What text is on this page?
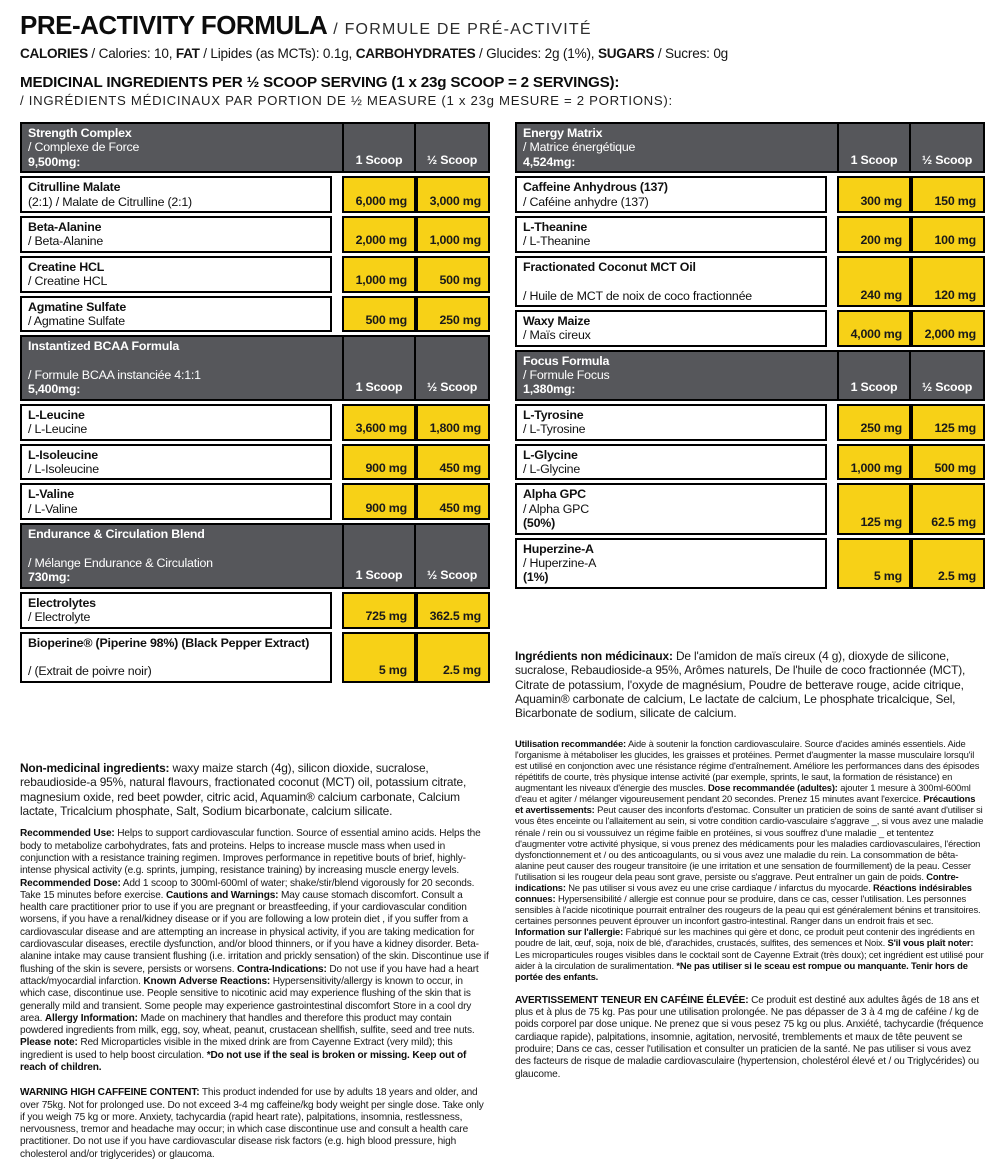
PRE-ACTIVITY FORMULA / FORMULE DE PRÉ-ACTIVITÉ
CALORIES / Calories: 10, FAT / Lipides (as MCTs): 0.1g, CARBOHYDRATES / Glucides: 2g (1%), SUGARS / Sucres: 0g
MEDICINAL INGREDIENTS PER ½ SCOOP SERVING (1 x 23g SCOOP = 2 SERVINGS):
/ INGRÉDIENTS MÉDICINAUX PAR PORTION DE ½ MEASURE (1 x 23g MESURE = 2 PORTIONS):
Strength Complex
/ Complexe de Force
9,500mg:	1 Scoop	½ Scoop
Citrulline Malate
(2:1) / Malate de Citrulline (2:1)	6,000 mg	3,000 mg
Beta-Alanine
/ Beta-Alanine	2,000 mg	1,000 mg
Creatine HCL
/ Creatine HCL	1,000 mg	500 mg
Agmatine Sulfate
/ Agmatine Sulfate	500 mg	250 mg
Instantized BCAA Formula

/ Formule BCAA instanciée 4:1:1
5,400mg:	1 Scoop	½ Scoop
L-Leucine
/ L-Leucine	3,600 mg	1,800 mg
L-Isoleucine
/ L-Isoleucine	900 mg	450 mg
L-Valine
/ L-Valine	900 mg	450 mg
Endurance & Circulation Blend

/ Mélange Endurance & Circulation
730mg:	1 Scoop	½ Scoop
Electrolytes
/ Electrolyte	725 mg	362.5 mg
Bioperine® (Piperine 98%) (Black Pepper Extract)

/ (Extrait de poivre noir)	5 mg	2.5 mg

Non-medicinal ingredients: waxy maize starch (4g), silicon dioxide, sucralose, rebaudioside-a 95%, natural flavours, fractionated coconut (MCT) oil, potassium citrate, magnesium oxide, red beet powder, citric acid, Aquamin® calcium carbonate, Calcium lactate, Tricalcium phosphate, Salt, Sodium bicarbonate, calcium silicate.

Recommended Use: Helps to support cardiovascular function. Source of essential amino acids. Helps the body to metabolize carbohydrates, fats and proteins. Helps to increase muscle mass when used in conjunction with a resistance training regimen. Improves performance in repetitive bouts of brief, highly-intense physical activity (e.g. sprints, jumping, resistance training) by increasing muscle energy levels. Recommended Dose: Add 1 scoop to 300ml-600ml of water; shake/stir/blend vigorously for 20 seconds. Take 15 minutes before exercise. Cautions and Warnings: May cause stomach discomfort. Consult a health care practitioner prior to use if you are pregnant or breastfeeding, if your cardiovascular condition worsens, if you have a renal/kidney disease or if you are following a low protein diet , if you suffer from a cardiovascular disease and are attempting an increase in physical activity, if you are taking medication for cardiovascular diseases, erectile dysfunction, and/or blood thinners, or if you have a kidney disorder. Beta-alanine intake may cause transient flushing (i.e. irritation and prickly sensation) of the skin. Discontinue use if flushing of the skin is severe, persists or worsens. Contra-Indications: Do not use if you have had a heart attack/myocardial infarction. Known Adverse Reactions: Hypersensitivity/allergy is known to occur, in which case, discontinue use. People sensitive to nicotinic acid may experience flushing of the skin that is generally mild and transient. Some people may experience gastrointestinal discomfort Store in a cool dry area. Allergy Information: Made on machinery that handles and therefore this product may contain powdered ingredients from milk, egg, soy, wheat, peanut, crustacean shellfish, sulfite, seed and tree nuts. Please note: Red Microparticles visible in the mixed drink are from Cayenne Extract (very mild); this ingredient is used to help boost circulation. *Do not use if the seal is broken or missing. Keep out of reach of children.

WARNING HIGH CAFFEINE CONTENT: This product indended for use by adults 18 years and older, and over 75kg. Not for prolonged use. Do not exceed 3-4 mg caffeine/kg body weight per single dose. Take only if you weigh 75 kg or more. Anxiety, tachycardia (rapid heart rate), palpitations, insomnia, restlessness, nervousness, tremor and headache may occur; in which case discontinue use and consult a health care practitioner. Do not use if you have cardiovascular disease risk factors (e.g. high blood pressure, high cholesterol and/or triglycerides) or glaucoma.

Energy Matrix
/ Matrice énergétique
4,524mg:	1 Scoop	½ Scoop
Caffeine Anhydrous (137)
/ Caféine anhydre (137)	300 mg	150 mg
L-Theanine
/ L-Theanine	200 mg	100 mg
Fractionated Coconut MCT Oil

/ Huile de MCT de noix de coco fractionnée	240 mg	120 mg
Waxy Maize
/ Maïs cireux	4,000 mg	2,000 mg
Focus Formula
/ Formule Focus
1,380mg:	1 Scoop	½ Scoop
L-Tyrosine
/ L-Tyrosine	250 mg	125 mg
L-Glycine
/ L-Glycine	1,000 mg	500 mg
Alpha GPC
/ Alpha GPC
(50%)	125 mg	62.5 mg
Huperzine-A
/ Huperzine-A
(1%)	5 mg	2.5 mg

Ingrédients non médicinaux: De l'amidon de maïs cireux (4 g), dioxyde de silicone, sucralose, Rebaudioside-a 95%, Arômes naturels, De l'huile de coco fractionnée (MCT), Citrate de potassium, l'oxyde de magnésium, Poudre de betterave rouge, acide citrique, Aquamin® carbonate de calcium, Le lactate de calcium, Le phosphate tricalcique, Sel, Bicarbonate de sodium, silicate de calcium.

Utilisation recommandée: Aide à soutenir la fonction cardiovasculaire. Source d'acides aminés essentiels. Aide l'organisme à métaboliser les glucides, les graisses et protéines. Permet d'augmenter la masse musculaire lorsqu'il est utilisé en conjonction avec une résistance régime d'entraînement. Améliore les performances dans des épisodes répétitifs de courte, très physique intense activité (par exemple, sprints, le saut, la formation de résistance) en augmentant les niveaux d'énergie des muscles. Dose recommandée (adultes): ajouter 1 mesure à 300ml-600ml d'eau et agiter / mélanger vigoureusement pendant 20 secondes. Prenez 15 minutes avant l'exercice. Précautions et avertissements: Peut causer des inconforts d'estomac. Consulter un praticien de soins de santé avant d'utiliser si vous êtes enceinte ou l'allaitement au sein, si votre condition cardio-vasculaire s'aggrave _, si vous avez une maladie rénale / rein ou si voussuivez un régime faible en protéines, si vous souffrez d'une maladie _ et tententez d'augmenter votre activité physique, si vous prenez des médicaments pour les maladies cardiovasculaires, l'érection dysfonctionnement et / ou des anticoagulants, ou si vous avez une maladie du rein. La consommation de bêta-alanine peut causer des rougeur transitoire (ie une irritation et une sensation de fourmillement) de la peau. Cesser l'utilisation si les rougeur dela peau sont grave, persiste ou s'aggrave. Peut entraîner un gain de poids. Contre-indications: Ne pas utiliser si vous avez eu une crise cardiaque / infarctus du myocarde. Réactions indésirables connues: Hypersensibilité / allergie est connue pour se produire, dans ce cas, cesser l'utilisation. Les personnes sensibles à l'acide nicotinique pourrait entraîner des rougeurs de la peau qui est généralement bénins et transitoires. certaines personnes peuvent éprouver un inconfort gastro-intestinal. Ranger dans un endroit frais et sec. Information sur l'allergie: Fabriqué sur les machines qui gère et donc, ce produit peut contenir des ingrédients en poudre de lait, œuf, soja, noix de blé, d'arachides, crustacés, sulfites, des semences et Noix. S'il vous plaît noter: Les microparticules rouges visibles dans le cocktail sont de Cayenne Extrait (très doux); cet ingrédient est utilisé pour aider à la circulation de suralimentation. *Ne pas utiliser si le sceau est rompue ou manquante. Tenir hors de portée des enfants.

AVERTISSEMENT TENEUR EN CAFÉINE ÉLEVÉE: Ce produit est destiné aux adultes âgés de 18 ans et plus et à plus de 75 kg. Pas pour une utilisation prolongée. Ne pas dépasser de 3 à 4 mg de caféine / kg de poids corporel par dose unique. Ne prenez que si vous pesez 75 kg ou plus. Anxiété, tachycardie (fréquence cardiaque rapide), palpitations, insomnie, agitation, nervosité, tremblements et maux de tête peuvent se produire; Dans ce cas, cesser l'utilisation et consulter un praticien de la santé. Ne pas utiliser si vous avez des facteurs de risque de maladie cardiovasculaire (hypertension, cholestérol élevé et / ou Triglycérides) ou glaucome.
